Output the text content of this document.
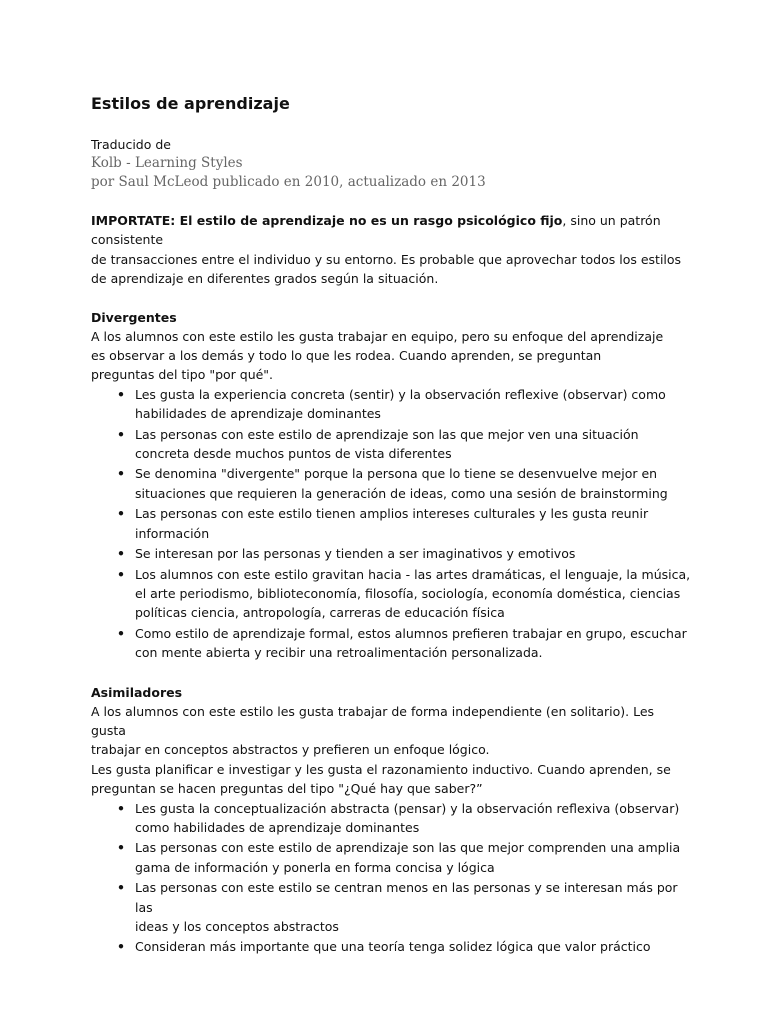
Estilos de aprendizaje
Traducido de
Kolb - Learning Styles
por Saul McLeod publicado en 2010, actualizado en 2013
IMPORTATE: El estilo de aprendizaje no es un rasgo psicológico fijo, sino un patrón consistente
de transacciones entre el individuo y su entorno. Es probable que aprovechar todos los estilos
de aprendizaje en diferentes grados según la situación.
Divergentes
A los alumnos con este estilo les gusta trabajar en equipo, pero su enfoque del aprendizaje
es observar a los demás y todo lo que les rodea. Cuando aprenden, se preguntan
preguntas del tipo "por qué".
• Les gusta la experiencia concreta (sentir) y la observación reflexive (observar) como
habilidades de aprendizaje dominantes
• Las personas con este estilo de aprendizaje son las que mejor ven una situación
concreta desde muchos puntos de vista diferentes
• Se denomina "divergente" porque la persona que lo tiene se desenvuelve mejor en
situaciones que requieren la generación de ideas, como una sesión de brainstorming
• Las personas con este estilo tienen amplios intereses culturales y les gusta reunir
información
• Se interesan por las personas y tienden a ser imaginativos y emotivos
• Los alumnos con este estilo gravitan hacia - las artes dramáticas, el lenguaje, la música,
el arte periodismo, biblioteconomía, filosofía, sociología, economía doméstica, ciencias
políticas ciencia, antropología, carreras de educación física
• Como estilo de aprendizaje formal, estos alumnos prefieren trabajar en grupo, escuchar
con mente abierta y recibir una retroalimentación personalizada.
Asimiladores
A los alumnos con este estilo les gusta trabajar de forma independiente (en solitario). Les gusta
trabajar en conceptos abstractos y prefieren un enfoque lógico.
Les gusta planificar e investigar y les gusta el razonamiento inductivo. Cuando aprenden, se
preguntan se hacen preguntas del tipo "¿Qué hay que saber?”
• Les gusta la conceptualización abstracta (pensar) y la observación reflexiva (observar)
como habilidades de aprendizaje dominantes
• Las personas con este estilo de aprendizaje son las que mejor comprenden una amplia
gama de información y ponerla en forma concisa y lógica
• Las personas con este estilo se centran menos en las personas y se interesan más por las
ideas y los conceptos abstractos
• Consideran más importante que una teoría tenga solidez lógica que valor práctico
